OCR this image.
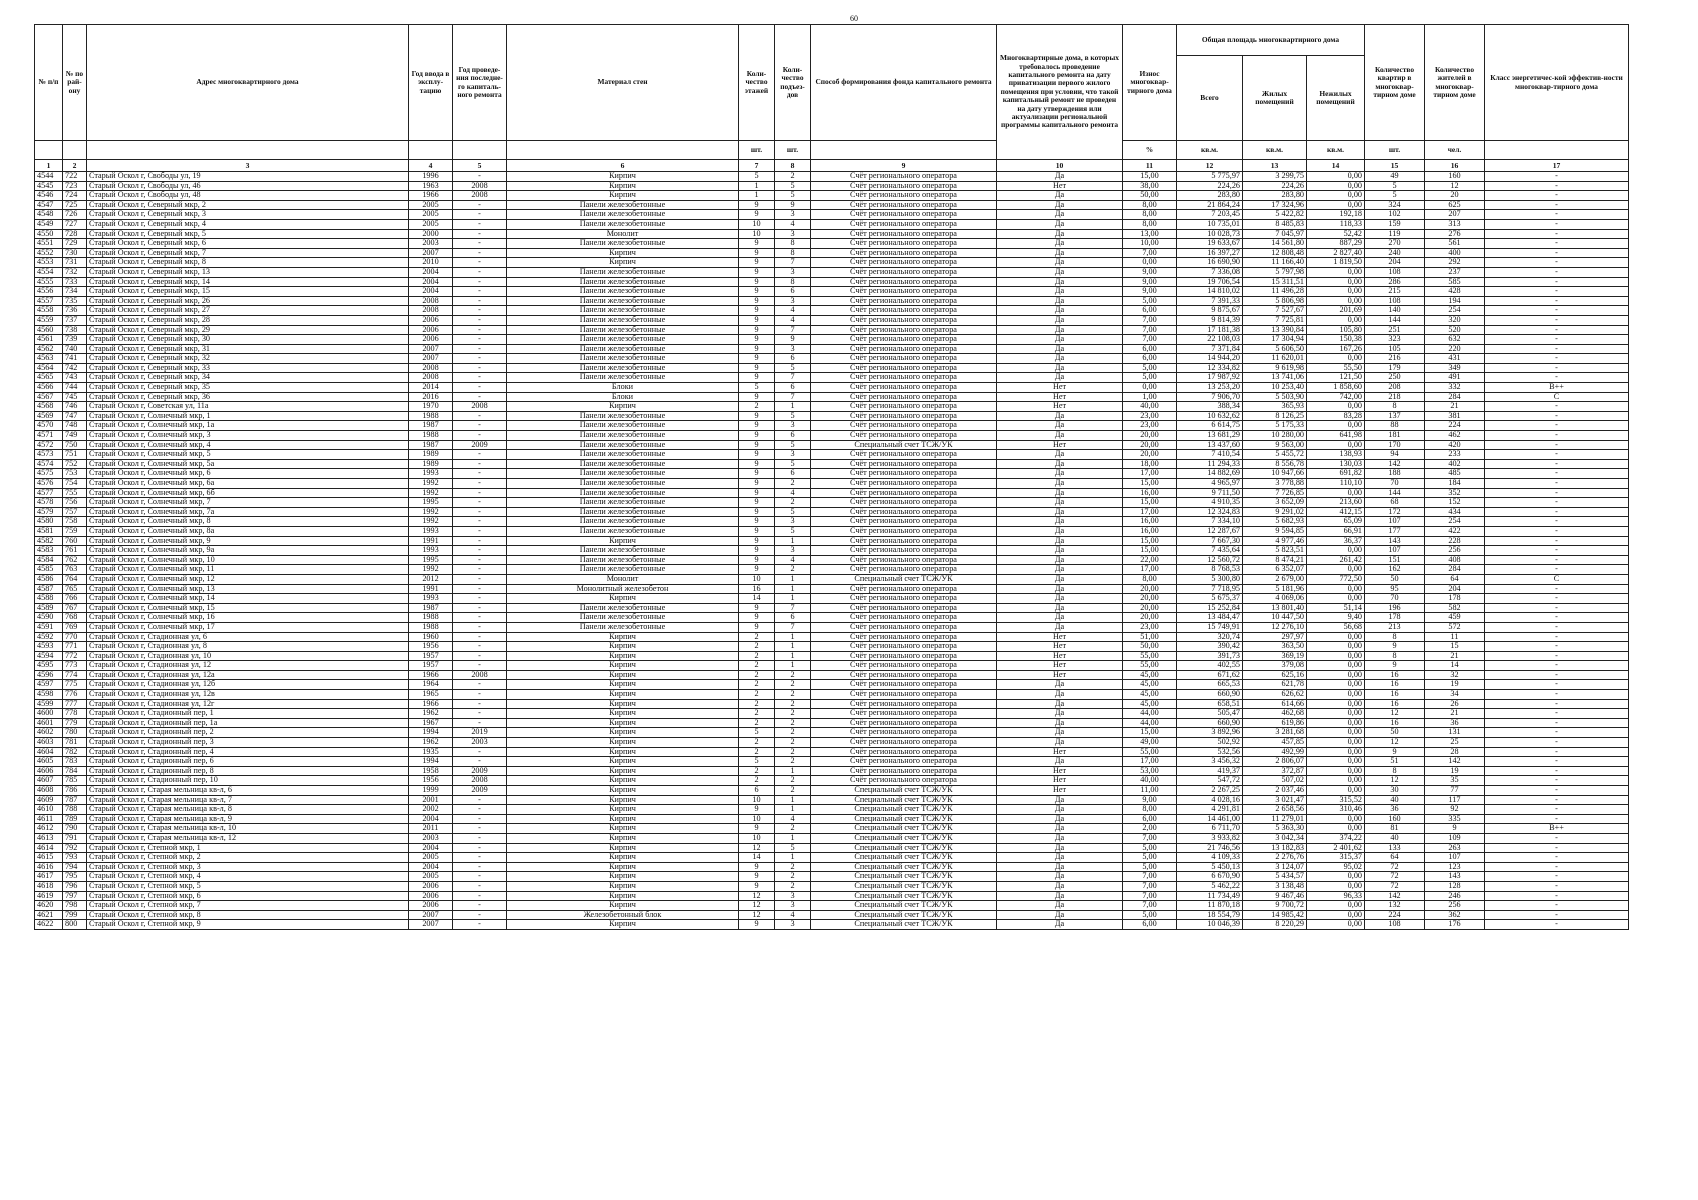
60
№ п/п	№ по рай-ону	Адрес многоквартирного дома	Год ввода в эксплу-тацию	Год проведе-ния последне-го капиталь-ного ремонта	Материал стен	Коли-чество этажей	Коли-чество подъез-дов	Способ формирования фонда капитального ремонта	Многоквартирные дома, в которых требовалось проведение капитального ремонта на дату приватизации первого жилого помещения при условии, что такой капитальный ремонт не проведен на дату утверждения или актуализации региональной программы капитального ремонта	Износ многоквар-тирного дома	Общая площадь многоквартирного дома			Количество квартир в многоквар-тирном доме	Количество жителей в многоквар-тирном доме	Класс энергетичес-кой эффектив-ности многоквар-тирного дома
											Всего	Жилых помещений	Нежилых помещений			
						шт.	шт.			%	кв.м.	кв.м.	кв.м.	шт.	чел.	
1	2	3	4	5	6	7	8	9	10	11	12	13	14	15	16	17
4544	722	Старый Оскол г, Свободы ул, 19	1996	-	Кирпич	5	2	Счёт регионального оператора	Да	15,00	5 775,97	3 299,75	0,00	49	160	-
4545	723	Старый Оскол г, Свободы ул, 46	1963	2008	Кирпич	1	5	Счёт регионального оператора	Нет	38,00	224,26	224,26	0,00	5	12	-
4546	724	Старый Оскол г, Свободы ул, 48	1966	2008	Кирпич	1	5	Счёт регионального оператора	Да	50,00	283,80	283,80	0,00	5	20	-
4547	725	Старый Оскол г, Северный мкр, 2	2005	-	Панели железобетонные	9	9	Счёт регионального оператора	Да	8,00	21 864,24	17 324,96	0,00	324	625	-
4548	726	Старый Оскол г, Северный мкр, 3	2005	-	Панели железобетонные	9	3	Счёт регионального оператора	Да	8,00	7 203,45	5 422,82	192,18	102	207	-
4549	727	Старый Оскол г, Северный мкр, 4	2005	-	Панели железобетонные	10	4	Счёт регионального оператора	Да	8,00	10 735,01	8 485,83	118,33	159	313	-
4550	728	Старый Оскол г, Северный мкр, 5	2000	-	Монолит	10	3	Счёт регионального оператора	Да	13,00	10 028,73	7 045,97	52,42	119	276	-
4551	729	Старый Оскол г, Северный мкр, 6	2003	-	Панели железобетонные	9	8	Счёт регионального оператора	Да	10,00	19 633,67	14 561,80	887,29	270	561	-
4552	730	Старый Оскол г, Северный мкр, 7	2007	-	Кирпич	9	8	Счёт регионального оператора	Да	7,00	16 397,27	12 808,48	2 827,40	240	400	-
4553	731	Старый Оскол г, Северный мкр, 8	2010	-	Кирпич	9	7	Счёт регионального оператора	Да	0,00	16 690,90	11 166,40	1 819,50	204	292	-
4554	732	Старый Оскол г, Северный мкр, 13	2004	-	Панели железобетонные	9	3	Счёт регионального оператора	Да	9,00	7 336,08	5 797,98	0,00	108	237	-
4555	733	Старый Оскол г, Северный мкр, 14	2004	-	Панели железобетонные	9	8	Счёт регионального оператора	Да	9,00	19 706,54	15 311,51	0,00	286	585	-
4556	734	Старый Оскол г, Северный мкр, 15	2004	-	Панели железобетонные	9	6	Счёт регионального оператора	Да	9,00	14 810,02	11 496,28	0,00	215	428	-
4557	735	Старый Оскол г, Северный мкр, 26	2008	-	Панели железобетонные	9	3	Счёт регионального оператора	Да	5,00	7 391,33	5 806,98	0,00	108	194	-
4558	736	Старый Оскол г, Северный мкр, 27	2008	-	Панели железобетонные	9	4	Счёт регионального оператора	Да	6,00	9 875,67	7 527,67	201,69	140	254	-
4559	737	Старый Оскол г, Северный мкр, 28	2006	-	Панели железобетонные	9	4	Счёт регионального оператора	Да	7,00	9 814,39	7 725,81	0,00	144	320	-
4560	738	Старый Оскол г, Северный мкр, 29	2006	-	Панели железобетонные	9	7	Счёт регионального оператора	Да	7,00	17 181,38	13 390,84	105,80	251	520	-
4561	739	Старый Оскол г, Северный мкр, 30	2006	-	Панели железобетонные	9	9	Счёт регионального оператора	Да	7,00	22 108,03	17 304,94	150,38	323	632	-
4562	740	Старый Оскол г, Северный мкр, 31	2007	-	Панели железобетонные	9	3	Счёт регионального оператора	Да	6,00	7 371,84	5 606,50	167,26	105	220	-
4563	741	Старый Оскол г, Северный мкр, 32	2007	-	Панели железобетонные	9	6	Счёт регионального оператора	Да	6,00	14 944,20	11 620,01	0,00	216	431	-
4564	742	Старый Оскол г, Северный мкр, 33	2008	-	Панели железобетонные	9	5	Счёт регионального оператора	Да	5,00	12 334,82	9 619,98	55,50	179	349	-
4565	743	Старый Оскол г, Северный мкр, 34	2008	-	Панели железобетонные	9	7	Счёт регионального оператора	Да	5,00	17 987,92	13 741,06	121,50	250	491	-
4566	744	Старый Оскол г, Северный мкр, 35	2014	-	Блоки	5	6	Счёт регионального оператора	Нет	0,00	13 253,20	10 253,40	1 858,60	208	332	B++
4567	745	Старый Оскол г, Северный мкр, 36	2016	-	Блоки	9	7	Счёт регионального оператора	Нет	1,00	7 906,70	5 503,90	742,00	218	284	C
4568	746	Старый Оскол г, Советская ул, 11а	1970	2008	Кирпич	2	1	Счёт регионального оператора	Нет	40,00	388,34	365,93	0,00	8	21	-
4569	747	Старый Оскол г, Солнечный мкр, 1	1988	-	Панели железобетонные	9	5	Счёт регионального оператора	Да	23,00	10 632,62	8 126,25	83,28	137	381	-
4570	748	Старый Оскол г, Солнечный мкр, 1а	1987	-	Панели железобетонные	9	3	Счёт регионального оператора	Да	23,00	6 614,75	5 175,33	0,00	88	224	-
4571	749	Старый Оскол г, Солнечный мкр, 3	1988	-	Панели железобетонные	9	6	Счёт регионального оператора	Да	20,00	13 681,29	10 280,00	641,98	181	462	-
4572	750	Старый Оскол г, Солнечный мкр, 4	1987	2009	Панели железобетонные	9	5	Специальный счет ТСЖ/УК	Нет	20,00	13 437,60	9 563,00	0,00	170	420	-
4573	751	Старый Оскол г, Солнечный мкр, 5	1989	-	Панели железобетонные	9	3	Счёт регионального оператора	Да	20,00	7 410,54	5 455,72	138,93	94	233	-
4574	752	Старый Оскол г, Солнечный мкр, 5а	1989	-	Панели железобетонные	9	5	Счёт регионального оператора	Да	18,00	11 294,33	8 556,78	130,03	142	402	-
4575	753	Старый Оскол г, Солнечный мкр, 6	1993	-	Панели железобетонные	9	6	Счёт регионального оператора	Да	17,00	14 882,69	10 947,66	691,82	188	485	-
4576	754	Старый Оскол г, Солнечный мкр, 6а	1992	-	Панели железобетонные	9	2	Счёт регионального оператора	Да	15,00	4 965,97	3 778,88	110,10	70	184	-
4577	755	Старый Оскол г, Солнечный мкр, 6б	1992	-	Панели железобетонные	9	4	Счёт регионального оператора	Да	16,00	9 711,50	7 726,85	0,00	144	352	-
4578	756	Старый Оскол г, Солнечный мкр, 7	1995	-	Панели железобетонные	9	2	Счёт регионального оператора	Да	15,00	4 910,35	3 652,09	213,60	68	152	-
4579	757	Старый Оскол г, Солнечный мкр, 7а	1992	-	Панели железобетонные	9	5	Счёт регионального оператора	Да	17,00	12 324,83	9 291,02	412,15	172	434	-
4580	758	Старый Оскол г, Солнечный мкр, 8	1992	-	Панели железобетонные	9	3	Счёт регионального оператора	Да	16,00	7 334,10	5 682,93	65,09	107	254	-
4581	759	Старый Оскол г, Солнечный мкр, 8а	1993	-	Панели железобетонные	9	5	Счёт регионального оператора	Да	16,00	12 287,67	9 594,85	66,91	177	422	-
4582	760	Старый Оскол г, Солнечный мкр, 9	1991	-	Кирпич	9	1	Счёт регионального оператора	Да	15,00	7 667,30	4 977,46	36,37	143	228	-
4583	761	Старый Оскол г, Солнечный мкр, 9а	1993	-	Панели железобетонные	9	3	Счёт регионального оператора	Да	15,00	7 435,64	5 823,51	0,00	107	256	-
4584	762	Старый Оскол г, Солнечный мкр, 10	1995	-	Панели железобетонные	9	4	Счёт регионального оператора	Да	22,00	12 560,72	8 474,21	261,42	151	408	-
4585	763	Старый Оскол г, Солнечный мкр, 11	1992	-	Панели железобетонные	9	2	Счёт регионального оператора	Да	17,00	8 768,53	6 352,07	0,00	162	284	-
4586	764	Старый Оскол г, Солнечный мкр, 12	2012	-	Монолит	10	1	Специальный счет ТСЖ/УК	Да	8,00	5 300,80	2 679,00	772,50	50	64	C
4587	765	Старый Оскол г, Солнечный мкр, 13	1991	-	Монолитный железобетон	16	1	Счёт регионального оператора	Да	20,00	7 718,95	5 181,96	0,00	95	204	-
4588	766	Старый Оскол г, Солнечный мкр, 14	1993	-	Кирпич	14	1	Счёт регионального оператора	Да	20,00	5 675,37	4 069,06	0,00	70	178	-
4589	767	Старый Оскол г, Солнечный мкр, 15	1987	-	Панели железобетонные	9	7	Счёт регионального оператора	Да	20,00	15 252,84	13 801,40	51,14	196	582	-
4590	768	Старый Оскол г, Солнечный мкр, 16	1988	-	Панели железобетонные	9	6	Счёт регионального оператора	Да	20,00	13 484,47	10 447,50	9,40	178	459	-
4591	769	Старый Оскол г, Солнечный мкр, 17	1988	-	Панели железобетонные	9	7	Счёт регионального оператора	Да	23,00	15 749,91	12 276,10	56,68	213	572	-
4592	770	Старый Оскол г, Стадионная ул, 6	1960	-	Кирпич	2	1	Счёт регионального оператора	Нет	51,00	320,74	297,97	0,00	8	11	-
4593	771	Старый Оскол г, Стадионная ул, 8	1956	-	Кирпич	2	1	Счёт регионального оператора	Нет	50,00	390,42	363,50	0,00	9	15	-
4594	772	Старый Оскол г, Стадионная ул, 10	1957	-	Кирпич	2	1	Счёт регионального оператора	Нет	55,00	391,73	369,19	0,00	8	21	-
4595	773	Старый Оскол г, Стадионная ул, 12	1957	-	Кирпич	2	1	Счёт регионального оператора	Нет	55,00	402,55	379,08	0,00	9	14	-
4596	774	Старый Оскол г, Стадионная ул, 12а	1966	2008	Кирпич	2	2	Счёт регионального оператора	Нет	45,00	671,62	625,16	0,00	16	32	-
4597	775	Старый Оскол г, Стадионная ул, 12б	1964	-	Кирпич	2	2	Счёт регионального оператора	Да	45,00	665,53	621,78	0,00	16	19	-
4598	776	Старый Оскол г, Стадионная ул, 12в	1965	-	Кирпич	2	2	Счёт регионального оператора	Да	45,00	660,90	626,62	0,00	16	34	-
4599	777	Старый Оскол г, Стадионная ул, 12г	1966	-	Кирпич	2	2	Счёт регионального оператора	Да	45,00	658,51	614,66	0,00	16	26	-
4600	778	Старый Оскол г, Стадионный пер, 1	1962	-	Кирпич	2	2	Счёт регионального оператора	Да	44,00	505,47	462,68	0,00	12	21	-
4601	779	Старый Оскол г, Стадионный пер, 1а	1967	-	Кирпич	2	2	Счёт регионального оператора	Да	44,00	660,90	619,86	0,00	16	36	-
4602	780	Старый Оскол г, Стадионный пер, 2	1994	2019	Кирпич	5	2	Счёт регионального оператора	Да	15,00	3 892,96	3 281,68	0,00	50	131	-
4603	781	Старый Оскол г, Стадионный пер, 3	1962	2003	Кирпич	2	2	Счёт регионального оператора	Да	49,00	502,92	457,85	0,00	12	25	-
4604	782	Старый Оскол г, Стадионный пер, 4	1935	-	Кирпич	2	2	Счёт регионального оператора	Нет	55,00	532,56	492,99	0,00	9	28	-
4605	783	Старый Оскол г, Стадионный пер, 6	1994	-	Кирпич	5	2	Счёт регионального оператора	Да	17,00	3 456,32	2 806,07	0,00	51	142	-
4606	784	Старый Оскол г, Стадионный пер, 8	1958	2009	Кирпич	2	1	Счёт регионального оператора	Нет	53,00	419,37	372,87	0,00	8	19	-
4607	785	Старый Оскол г, Стадионный пер, 10	1956	2008	Кирпич	2	2	Счёт регионального оператора	Нет	40,00	547,72	507,02	0,00	12	35	-
4608	786	Старый Оскол г, Старая мельница кв-л, 6	1999	2009	Кирпич	6	2	Специальный счет ТСЖ/УК	Нет	11,00	2 267,25	2 037,46	0,00	30	77	-
4609	787	Старый Оскол г, Старая мельница кв-л, 7	2001	-	Кирпич	10	1	Специальный счет ТСЖ/УК	Да	9,00	4 028,16	3 021,47	315,52	40	117	-
4610	788	Старый Оскол г, Старая мельница кв-л, 8	2002	-	Кирпич	9	1	Специальный счет ТСЖ/УК	Да	8,00	4 291,81	2 658,56	310,46	36	92	-
4611	789	Старый Оскол г, Старая мельница кв-л, 9	2004	-	Кирпич	10	4	Специальный счет ТСЖ/УК	Да	6,00	14 461,00	11 279,01	0,00	160	335	-
4612	790	Старый Оскол г, Старая мельница кв-л, 10	2011	-	Кирпич	9	2	Специальный счет ТСЖ/УК	Да	2,00	6 711,70	5 363,30	0,00	81	9	B++
4613	791	Старый Оскол г, Старая мельница кв-л, 12	2003	-	Кирпич	10	1	Специальный счет ТСЖ/УК	Да	7,00	3 933,82	3 042,34	374,22	40	109	-
4614	792	Старый Оскол г, Степной мкр, 1	2004	-	Кирпич	12	5	Специальный счет ТСЖ/УК	Да	5,00	21 746,56	13 182,83	2 401,62	133	263	-
4615	793	Старый Оскол г, Степной мкр, 2	2005	-	Кирпич	14	1	Специальный счет ТСЖ/УК	Да	5,00	4 109,33	2 276,76	315,37	64	107	-
4616	794	Старый Оскол г, Степной мкр, 3	2004	-	Кирпич	9	2	Специальный счет ТСЖ/УК	Да	5,00	5 450,13	3 124,07	95,02	72	123	-
4617	795	Старый Оскол г, Степной мкр, 4	2005	-	Кирпич	9	2	Специальный счет ТСЖ/УК	Да	7,00	6 670,90	5 434,57	0,00	72	143	-
4618	796	Старый Оскол г, Степной мкр, 5	2006	-	Кирпич	9	2	Специальный счет ТСЖ/УК	Да	7,00	5 462,22	3 138,48	0,00	72	128	-
4619	797	Старый Оскол г, Степной мкр, 6	2006	-	Кирпич	12	3	Специальный счет ТСЖ/УК	Да	7,00	11 734,49	9 467,46	96,33	142	246	-
4620	798	Старый Оскол г, Степной мкр, 7	2006	-	Кирпич	12	3	Специальный счет ТСЖ/УК	Да	7,00	11 870,18	9 700,72	0,00	132	256	-
4621	799	Старый Оскол г, Степной мкр, 8	2007	-	Железобетонный блок	12	4	Специальный счет ТСЖ/УК	Да	5,00	18 554,79	14 985,42	0,00	224	362	-
4622	800	Старый Оскол г, Степной мкр, 9	2007	-	Кирпич	9	3	Специальный счет ТСЖ/УК	Да	6,00	10 046,39	8 220,29	0,00	108	176	-
